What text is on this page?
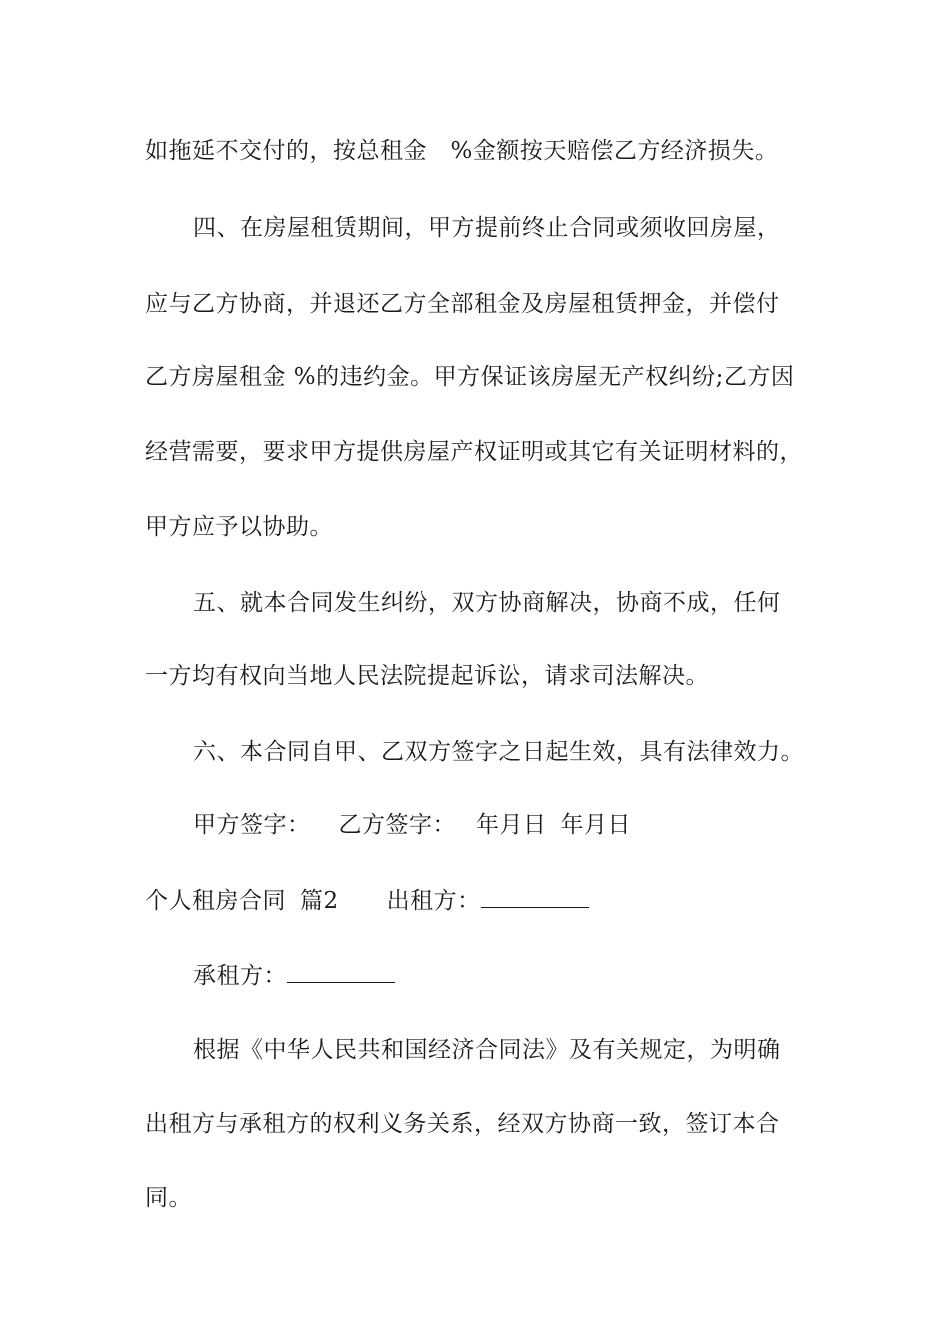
如拖延不交付的，按总租金　%金额按天赔偿乙方经济损失。
四、在房屋租赁期间，甲方提前终止合同或须收回房屋，
应与乙方协商，并退还乙方全部租金及房屋租赁押金，并偿付
乙方房屋租金 %的违约金。甲方保证该房屋无产权纠纷;乙方因
经营需要，要求甲方提供房屋产权证明或其它有关证明材料的，
甲方应予以协助。
五、就本合同发生纠纷，双方协商解决，协商不成，任何
一方均有权向当地人民法院提起诉讼，请求司法解决。
六、本合同自甲、乙双方签字之日起生效，具有法律效力。
甲方签字： 乙方签字： 年月日 年月日
个人租房合同 篇2 出租方：
承租方：
根据《中华人民共和国经济合同法》及有关规定，为明确
出租方与承租方的权利义务关系，经双方协商一致，签订本合
同。
